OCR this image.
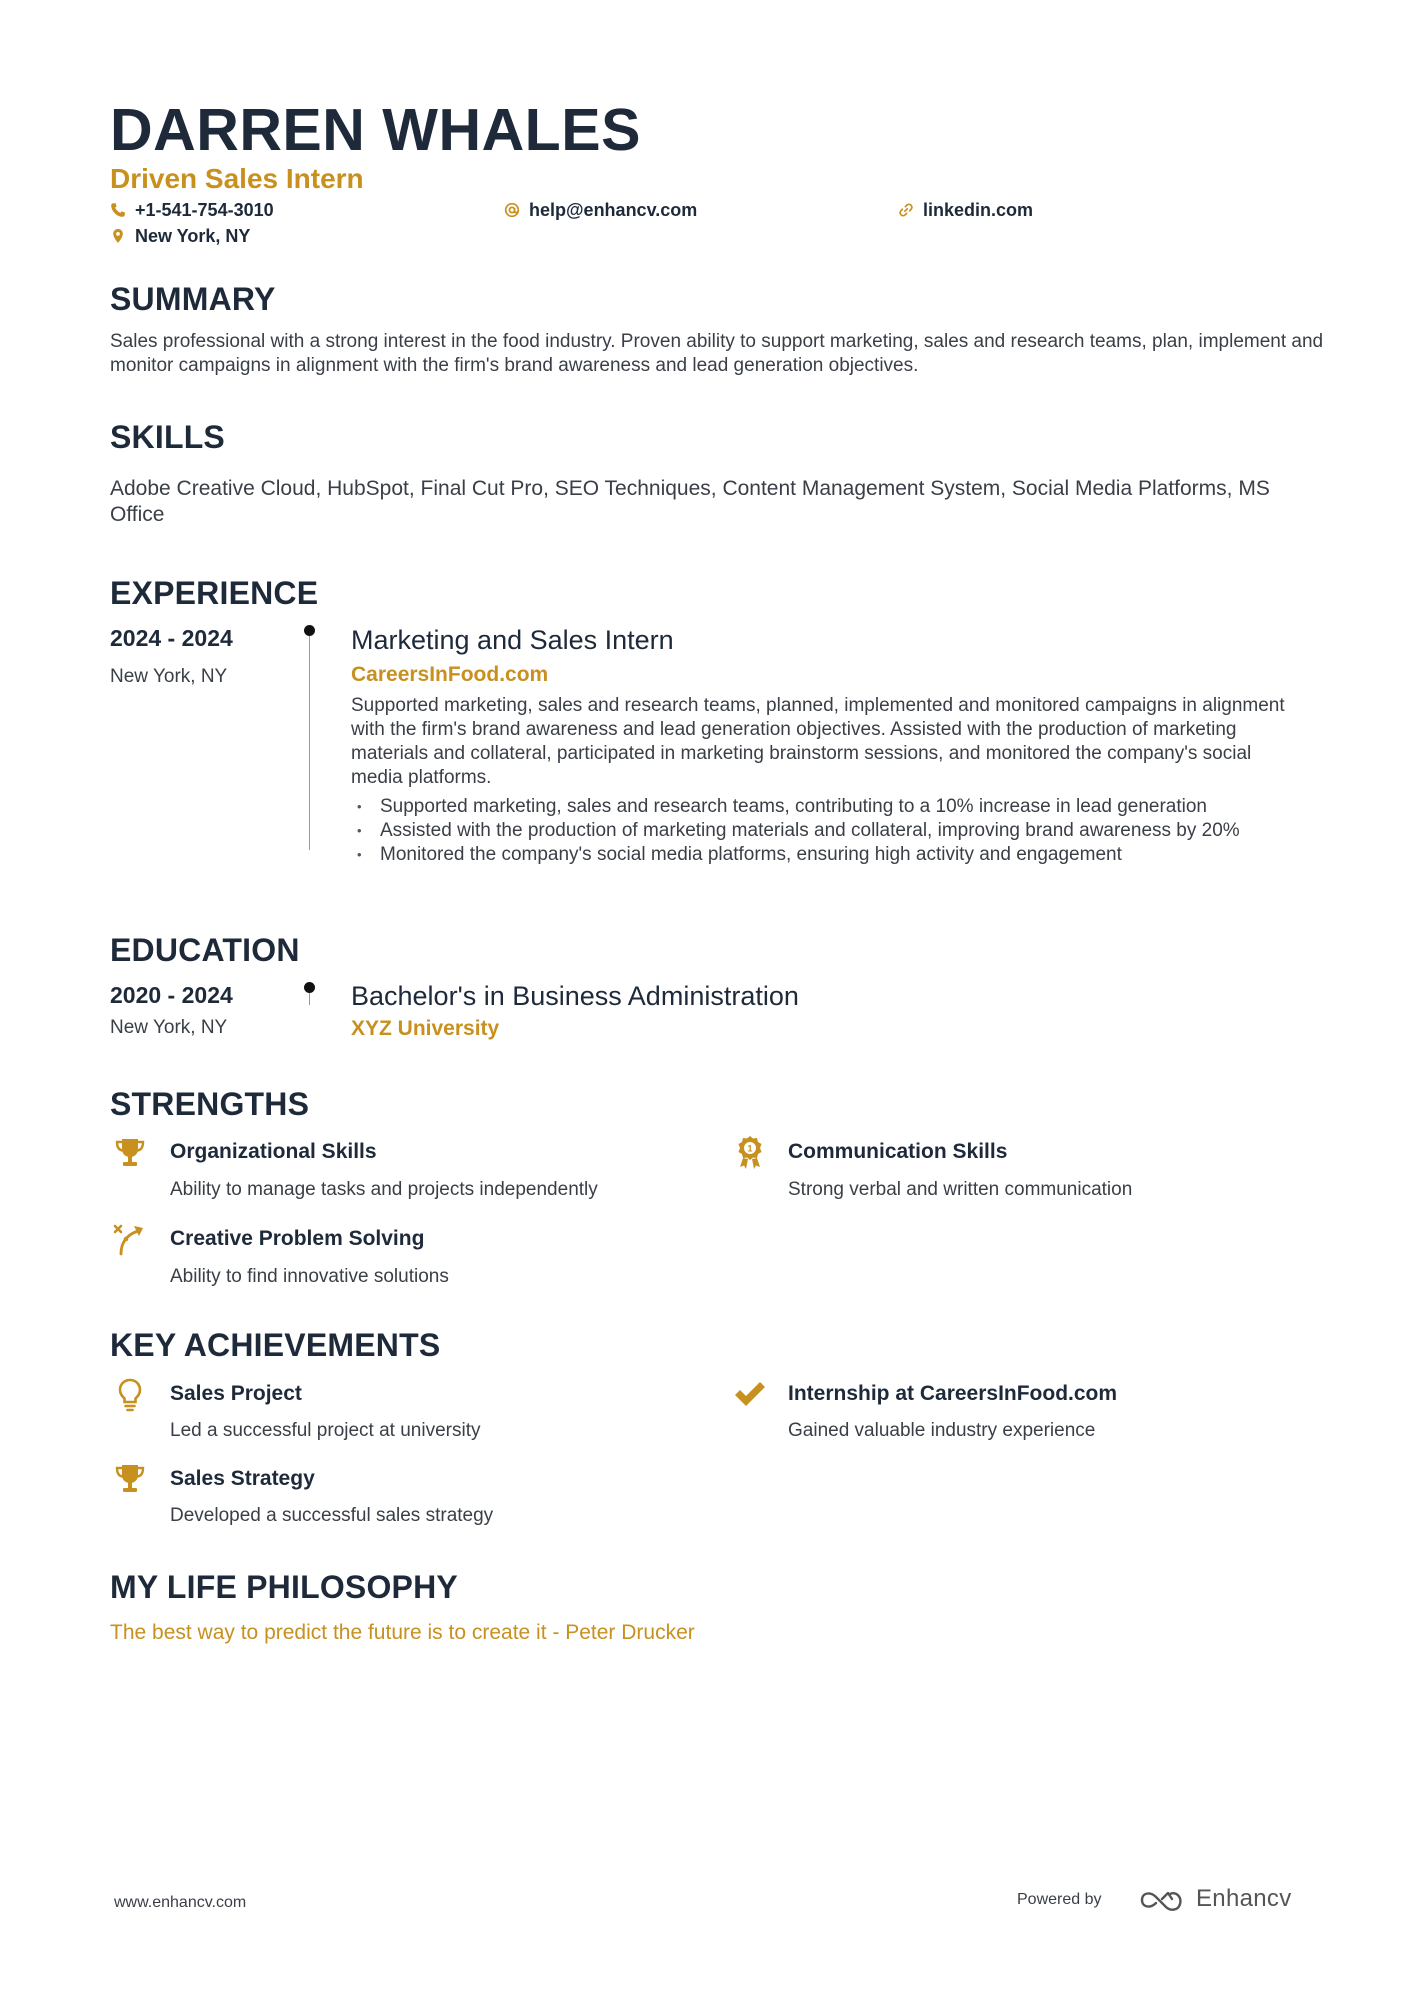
DARREN WHALES
Driven Sales Intern
+1-541-754-3010	help@enhancv.com	linkedin.com
New York, NY
SUMMARY
Sales professional with a strong interest in the food industry. Proven ability to support marketing, sales and research teams, plan, implement and monitor campaigns in alignment with the firm's brand awareness and lead generation objectives.
SKILLS
Adobe Creative Cloud, HubSpot, Final Cut Pro, SEO Techniques, Content Management System, Social Media Platforms, MS Office
EXPERIENCE
2024 - 2024
New York, NY
Marketing and Sales Intern
CareersInFood.com
Supported marketing, sales and research teams, planned, implemented and monitored campaigns in alignment with the firm's brand awareness and lead generation objectives. Assisted with the production of marketing materials and collateral, participated in marketing brainstorm sessions, and monitored the company's social media platforms.
• Supported marketing, sales and research teams, contributing to a 10% increase in lead generation
• Assisted with the production of marketing materials and collateral, improving brand awareness by 20%
• Monitored the company's social media platforms, ensuring high activity and engagement
EDUCATION
2020 - 2024
New York, NY
Bachelor's in Business Administration
XYZ University
STRENGTHS
Organizational Skills
Ability to manage tasks and projects independently
1 Communication Skills
Strong verbal and written communication
Creative Problem Solving
Ability to find innovative solutions
KEY ACHIEVEMENTS
Sales Project
Led a successful project at university
Internship at CareersInFood.com
Gained valuable industry experience
Sales Strategy
Developed a successful sales strategy
MY LIFE PHILOSOPHY
The best way to predict the future is to create it - Peter Drucker
www.enhancv.com	Powered by	Enhancv
